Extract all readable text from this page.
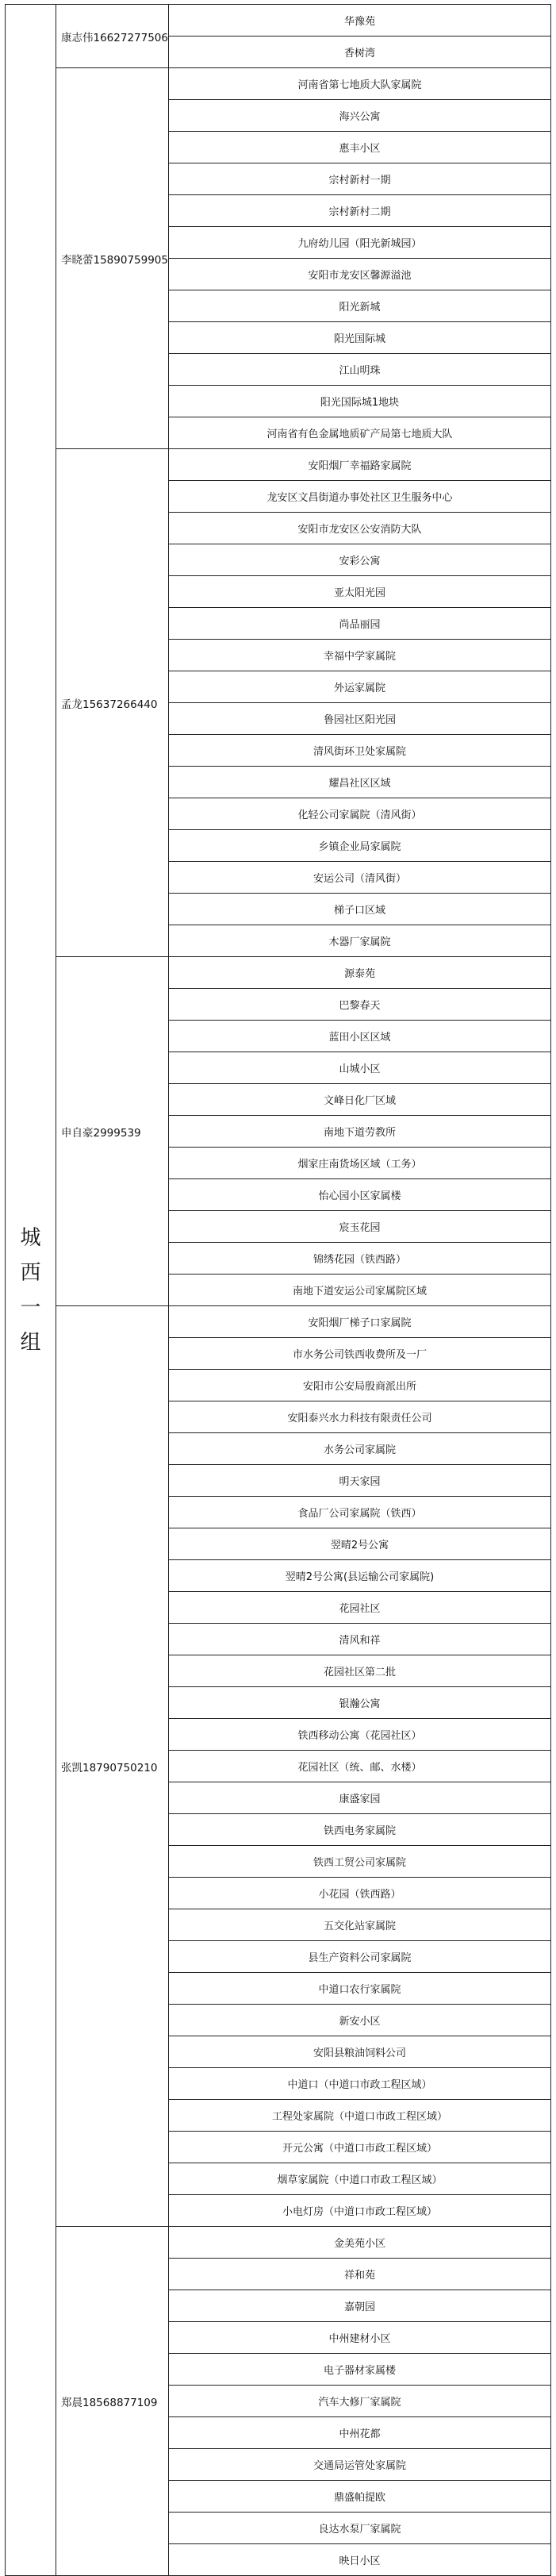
城西一组	康志伟16627277506	华豫苑
		香树湾
	李晓蕾15890759905	河南省第七地质大队家属院
		海兴公寓
		惠丰小区
		宗村新村一期
		宗村新村二期
		九府幼儿园（阳光新城园）
		安阳市龙安区馨源溢池
		阳光新城
		阳光国际城
		江山明珠
		阳光国际城1地块
		河南省有色金属地质矿产局第七地质大队
	孟龙15637266440	安阳烟厂幸福路家属院
		龙安区文昌街道办事处社区卫生服务中心
		安阳市龙安区公安消防大队
		安彩公寓
		亚太阳光园
		尚品丽园
		幸福中学家属院
		外运家属院
		鲁园社区阳光园
		清风街环卫处家属院
		耀昌社区区域
		化轻公司家属院（清风街）
		乡镇企业局家属院
		安运公司（清风街）
		梯子口区域
		木器厂家属院
	申自豪2999539	源泰苑
		巴黎春天
		蓝田小区区域
		山城小区
		文峰日化厂区域
		南地下道劳教所
		烟家庄南货场区域（工务）
		怡心园小区家属楼
		宸玉花园
		锦绣花园（铁西路）
		南地下道安运公司家属院区域
	张凯18790750210	安阳烟厂梯子口家属院
		市水务公司铁西收费所及一厂
		安阳市公安局殷商派出所
		安阳泰兴水力科技有限责任公司
		水务公司家属院
		明天家园
		食品厂公司家属院（铁西）
		翌晴2号公寓
		翌晴2号公寓(县运输公司家属院)
		花园社区
		清风和祥
		花园社区第二批
		银瀚公寓
		铁西移动公寓（花园社区）
		花园社区（统、邮、水楼）
		康盛家园
		铁西电务家属院
		铁西工贸公司家属院
		小花园（铁西路）
		五交化站家属院
		县生产资料公司家属院
		中道口农行家属院
		新安小区
		安阳县粮油饲料公司
		中道口（中道口市政工程区域）
		工程处家属院（中道口市政工程区域）
		开元公寓（中道口市政工程区域）
		烟草家属院（中道口市政工程区域）
		小电灯房（中道口市政工程区域）
	郑晨18568877109	金美苑小区
		祥和苑
		嘉朝园
		中州建材小区
		电子器材家属楼
		汽车大修厂家属院
		中州花都
		交通局运管处家属院
		鼎盛帕提欧
		良达水泵厂家属院
		映日小区
